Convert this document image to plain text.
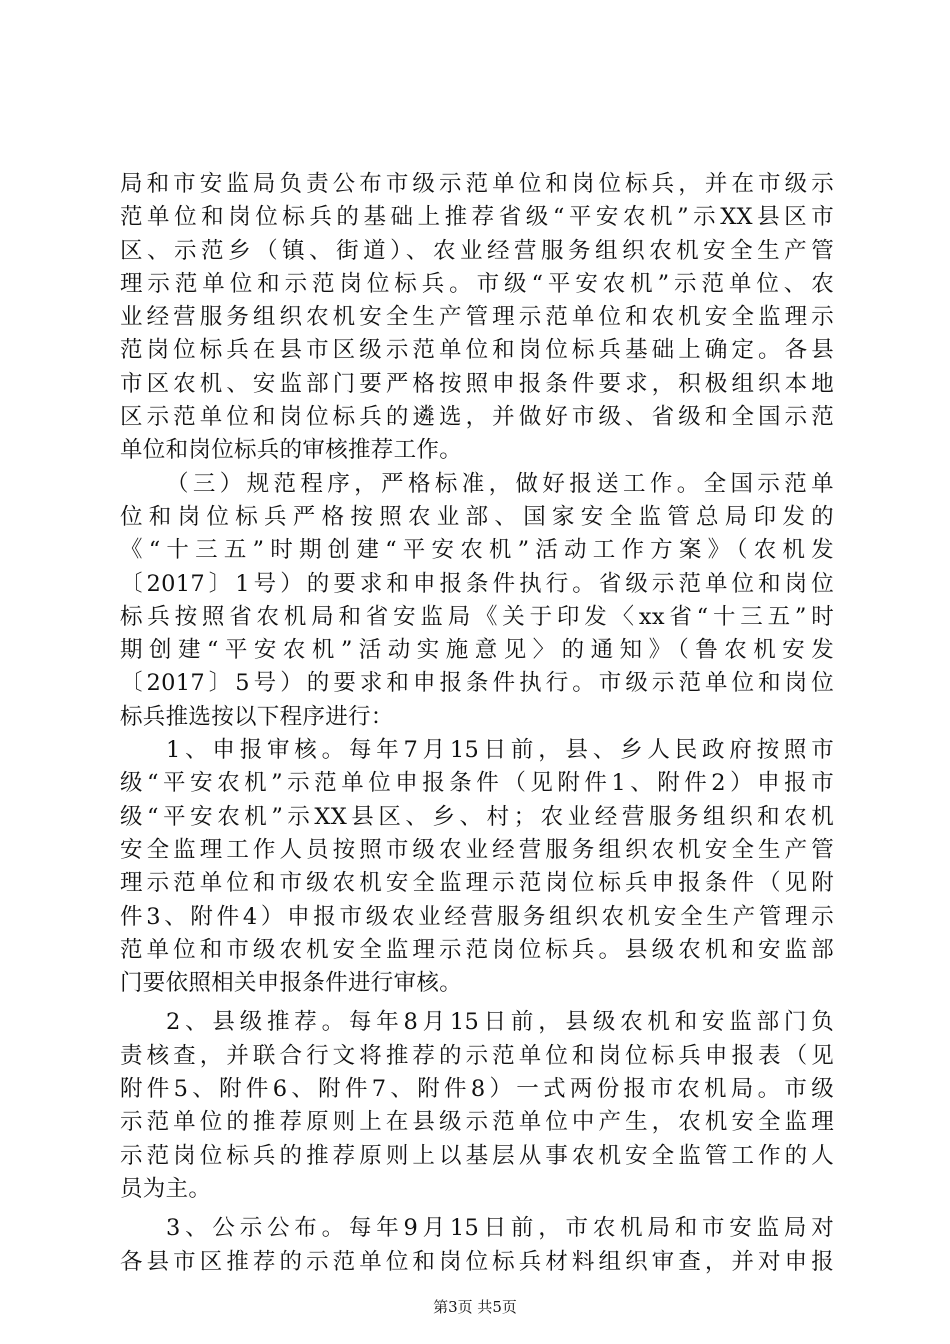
局和市安监局负责公布市级示范单位和岗位标兵，并在市级示
范单位和岗位标兵的基础上推荐省级“平安农机”示XX县区市
区、示范乡（镇、街道）、农业经营服务组织农机安全生产管
理示范单位和示范岗位标兵。市级“平安农机”示范单位、农
业经营服务组织农机安全生产管理示范单位和农机安全监理示
范岗位标兵在县市区级示范单位和岗位标兵基础上确定。各县
市区农机、安监部门要严格按照申报条件要求，积极组织本地
区示范单位和岗位标兵的遴选，并做好市级、省级和全国示范
单位和岗位标兵的审核推荐工作。
（三）规范程序，严格标准，做好报送工作。全国示范单
位和岗位标兵严格按照农业部、国家安全监管总局印发的
《“十三五”时期创建“平安农机”活动工作方案》（农机发
〔2017〕1号）的要求和申报条件执行。省级示范单位和岗位
标兵按照省农机局和省安监局《关于印发〈xx省“十三五”时
期创建“平安农机”活动实施意见〉的通知》（鲁农机安发
〔2017〕5号）的要求和申报条件执行。市级示范单位和岗位
标兵推选按以下程序进行：
1、申报审核。每年7月15日前，县、乡人民政府按照市
级“平安农机”示范单位申报条件（见附件1、附件2）申报市
级“平安农机”示XX县区、乡、村；农业经营服务组织和农机
安全监理工作人员按照市级农业经营服务组织农机安全生产管
理示范单位和市级农机安全监理示范岗位标兵申报条件（见附
件3、附件4）申报市级农业经营服务组织农机安全生产管理示
范单位和市级农机安全监理示范岗位标兵。县级农机和安监部
门要依照相关申报条件进行审核。
2、县级推荐。每年8月15日前，县级农机和安监部门负
责核查，并联合行文将推荐的示范单位和岗位标兵申报表（见
附件5、附件6、附件7、附件8）一式两份报市农机局。市级
示范单位的推荐原则上在县级示范单位中产生，农机安全监理
示范岗位标兵的推荐原则上以基层从事农机安全监管工作的人
员为主。
3、公示公布。每年9月15日前，市农机局和市安监局对
各县市区推荐的示范单位和岗位标兵材料组织审查，并对申报
第3页 共5页
